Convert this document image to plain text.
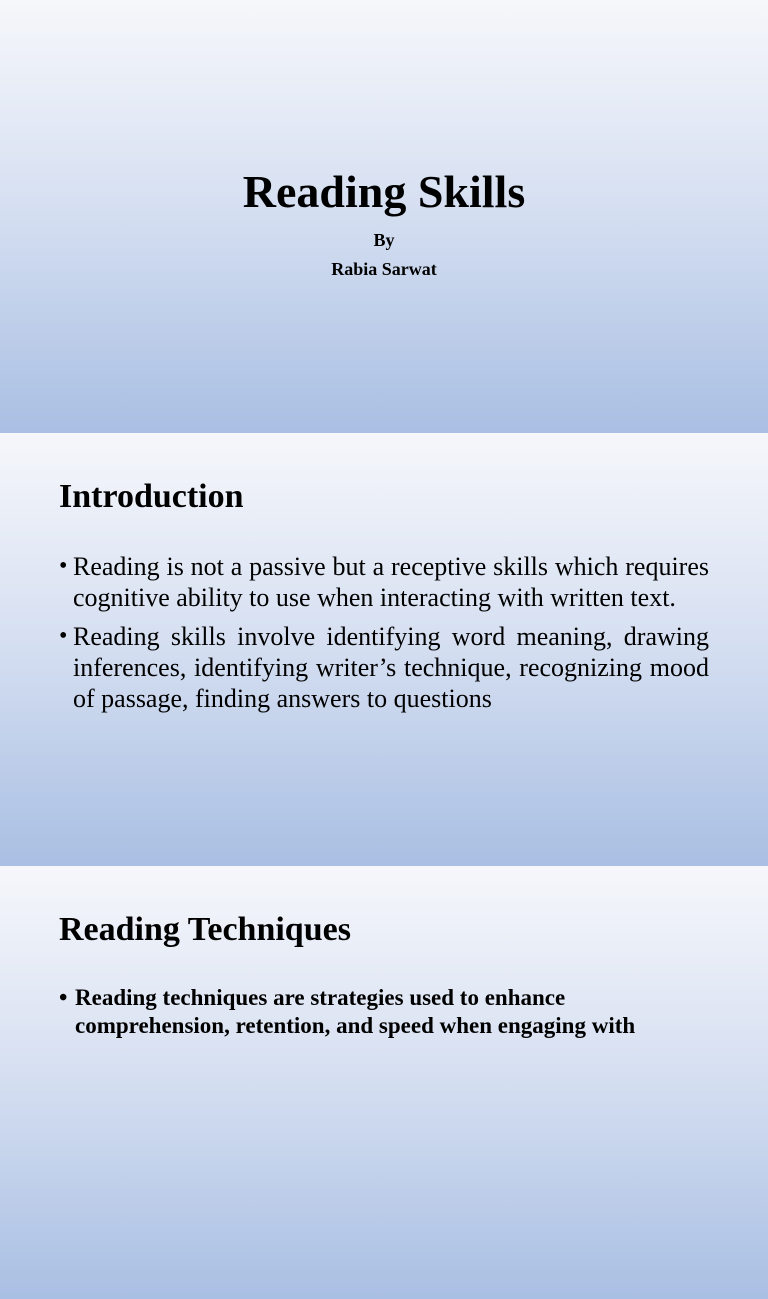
Reading Skills
By
Rabia Sarwat
Introduction
• Reading is not a passive but a receptive skills which requires cognitive ability to use when interacting with written text.
• Reading skills involve identifying word meaning, drawing inferences, identifying writer’s technique, recognizing mood of passage, finding answers to questions
Reading Techniques
• Reading techniques are strategies used to enhance comprehension, retention, and speed when engaging with
